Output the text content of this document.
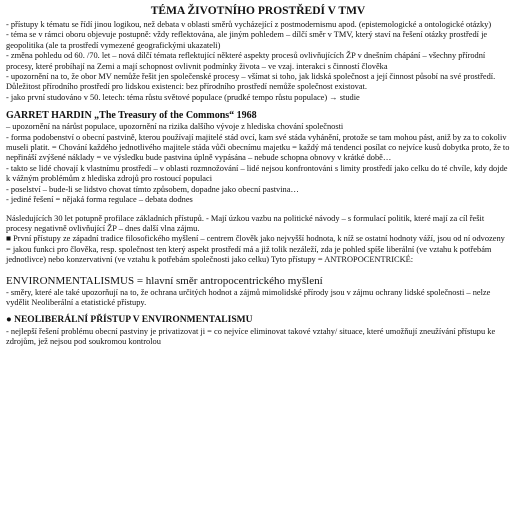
TÉMA ŽIVOTNÍHO PROSTŘEDÍ V TMV

- přístupy k tématu se řídí jinou logikou, než debata v oblasti směrů vycházející z postmodernismu apod. (epistemologické a ontologické otázky)

- téma se v rámci oboru objevuje postupně: vždy reflektována, ale jiným pohledem – dílčí směr v TMV, který staví na řešení otázky prostředí je geopolitika (ale ta prostředí vymezené geografickými ukazateli)

- změna pohledu od 60. /70. let – nová dílčí témata reflektující některé aspekty procesů ovlivňujících ŽP v dnešním chápání – všechny přírodní procesy, které probíhají na Zemi a mají schopnost ovlivnit podmínky života – ve vzaj. interakci s činností člověka

- upozornění na to, že obor MV nemůže řešit jen společenské procesy – všímat si toho, jak lidská společnost a její činnost působí na své prostředí. Důležitost přírodního prostředí pro lidskou existenci: bez přírodního prostředí nemůže společnost existovat.

- jako první studováno v 50. letech: téma růstu světové populace (prudké tempo růstu populace) → studie

GARRET HARDIN „The Treasury of the Commons“ 1968

– upozornění na nárůst populace, upozornění na rizika dalšího vývoje z hlediska chování společnosti

- forma podobenství o obecní pastvině, kterou používají majitelé stád ovcí, kam své stáda vyhánění, protože se tam mohou pást, aniž by za to cokoliv museli platit. = Chování každého jednotlivého majitele stáda vůči obecnímu majetku = každý má tendenci posílat co nejvíce kusů dobytka proto, že to nepřináší zvýšené náklady = ve výsledku bude pastvina úplně vypásána – nebude schopna obnovy v krátké době…

- takto se lidé chovají k vlastnímu prostředí – v oblasti rozmnožování – lidé nejsou konfrontováni s limity prostředí jako celku do té chvíle, kdy dojde k vážným problémům z hlediska zdrojů pro rostoucí populaci

- poselství – bude-li se lidstvo chovat tímto způsobem, dopadne jako obecní pastvina…

- jediné řešení = nějaká forma regulace – debata dodnes

Následujících 30 let potupně profilace základních přístupů. - Mají úzkou vazbu na politické návody – s formulací politik, které mají za cíl řešit procesy negativně ovlivňující ŽP – dnes další vlna zájmu.

■ První přístupy ze západní tradice filosofického myšlení – centrem člověk jako nejvyšší hodnota, k níž se ostatní hodnoty váží, jsou od ní odvozeny

= jakou funkci pro člověka, resp. společnost ten který aspekt prostředí má a již tolik nezáleží, zda je pohled spíše liberální (ve vztahu k potřebám jednotlivce) nebo konzervativní (ve vztahu k potřebám společnosti jako celku) Tyto přístupy = ANTROPOCENTRICKÉ:

ENVIRONMENTALISMUS = hlavní směr antropocentrického myšlení

- směry, které ale také upozorňují na to, že ochrana určitých hodnot a zájmů mimolidské přírody jsou v zájmu ochrany lidské společnosti – nelze vydělit Neoliberální a etatistické přístupy.

● NEOLIBERÁLNÍ PŘÍSTUP V ENVIRONMENTALISMU

- nejlepší řešení problému obecní pastviny je privatizovat ji = co nejvíce eliminovat takové vztahy/ situace, které umožňují zneužívání přístupu ke zdrojům, jež nejsou pod soukromou kontrolou
